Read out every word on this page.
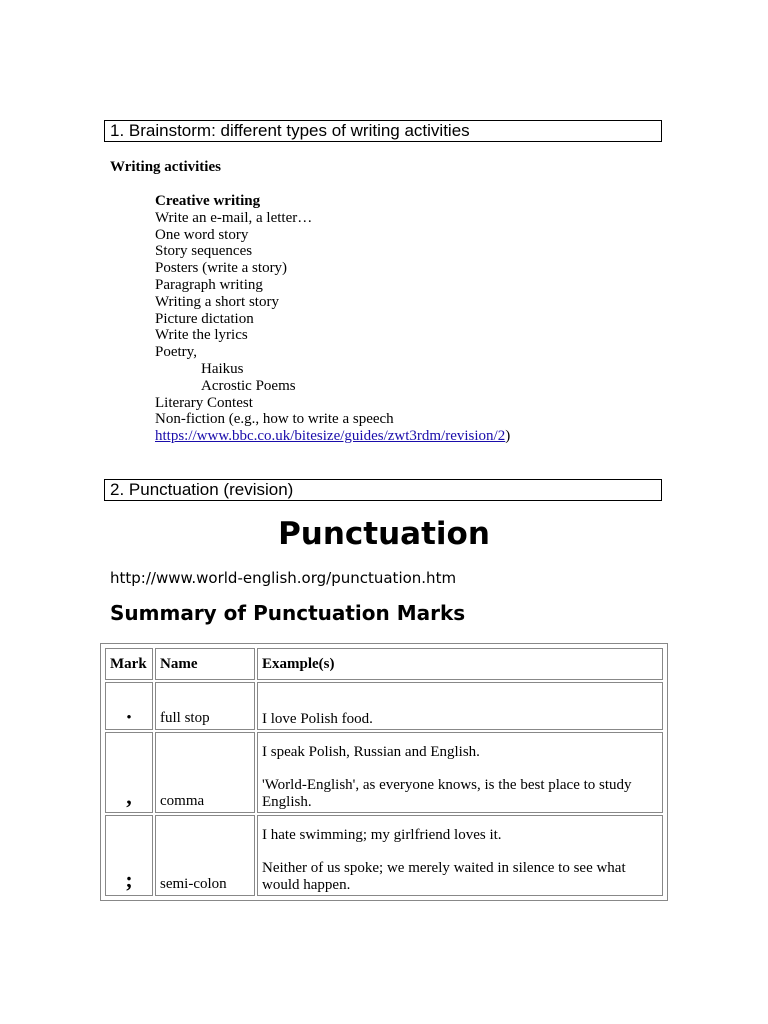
1. Brainstorm: different types of writing activities
Writing activities
Creative writing
Write an e-mail, a letter…
One word story
Story sequences
Posters (write a story)
Paragraph writing
Writing a short story
Picture dictation
Write the lyrics
Poetry,
Haikus
Acrostic Poems
Literary Contest
Non-fiction (e.g., how to write a speech
https://www.bbc.co.uk/bitesize/guides/zwt3rdm/revision/2)
2. Punctuation (revision)
Punctuation
http://www.world-english.org/punctuation.htm
Summary of Punctuation Marks
Mark	Name	Example(s)
•	full stop	I love Polish food.

,	comma	I speak Polish, Russian and English.

'World-English', as everyone knows, is the best place to study English.

;	semi-colon	I hate swimming; my girlfriend loves it.

Neither of us spoke; we merely waited in silence to see what would happen.
